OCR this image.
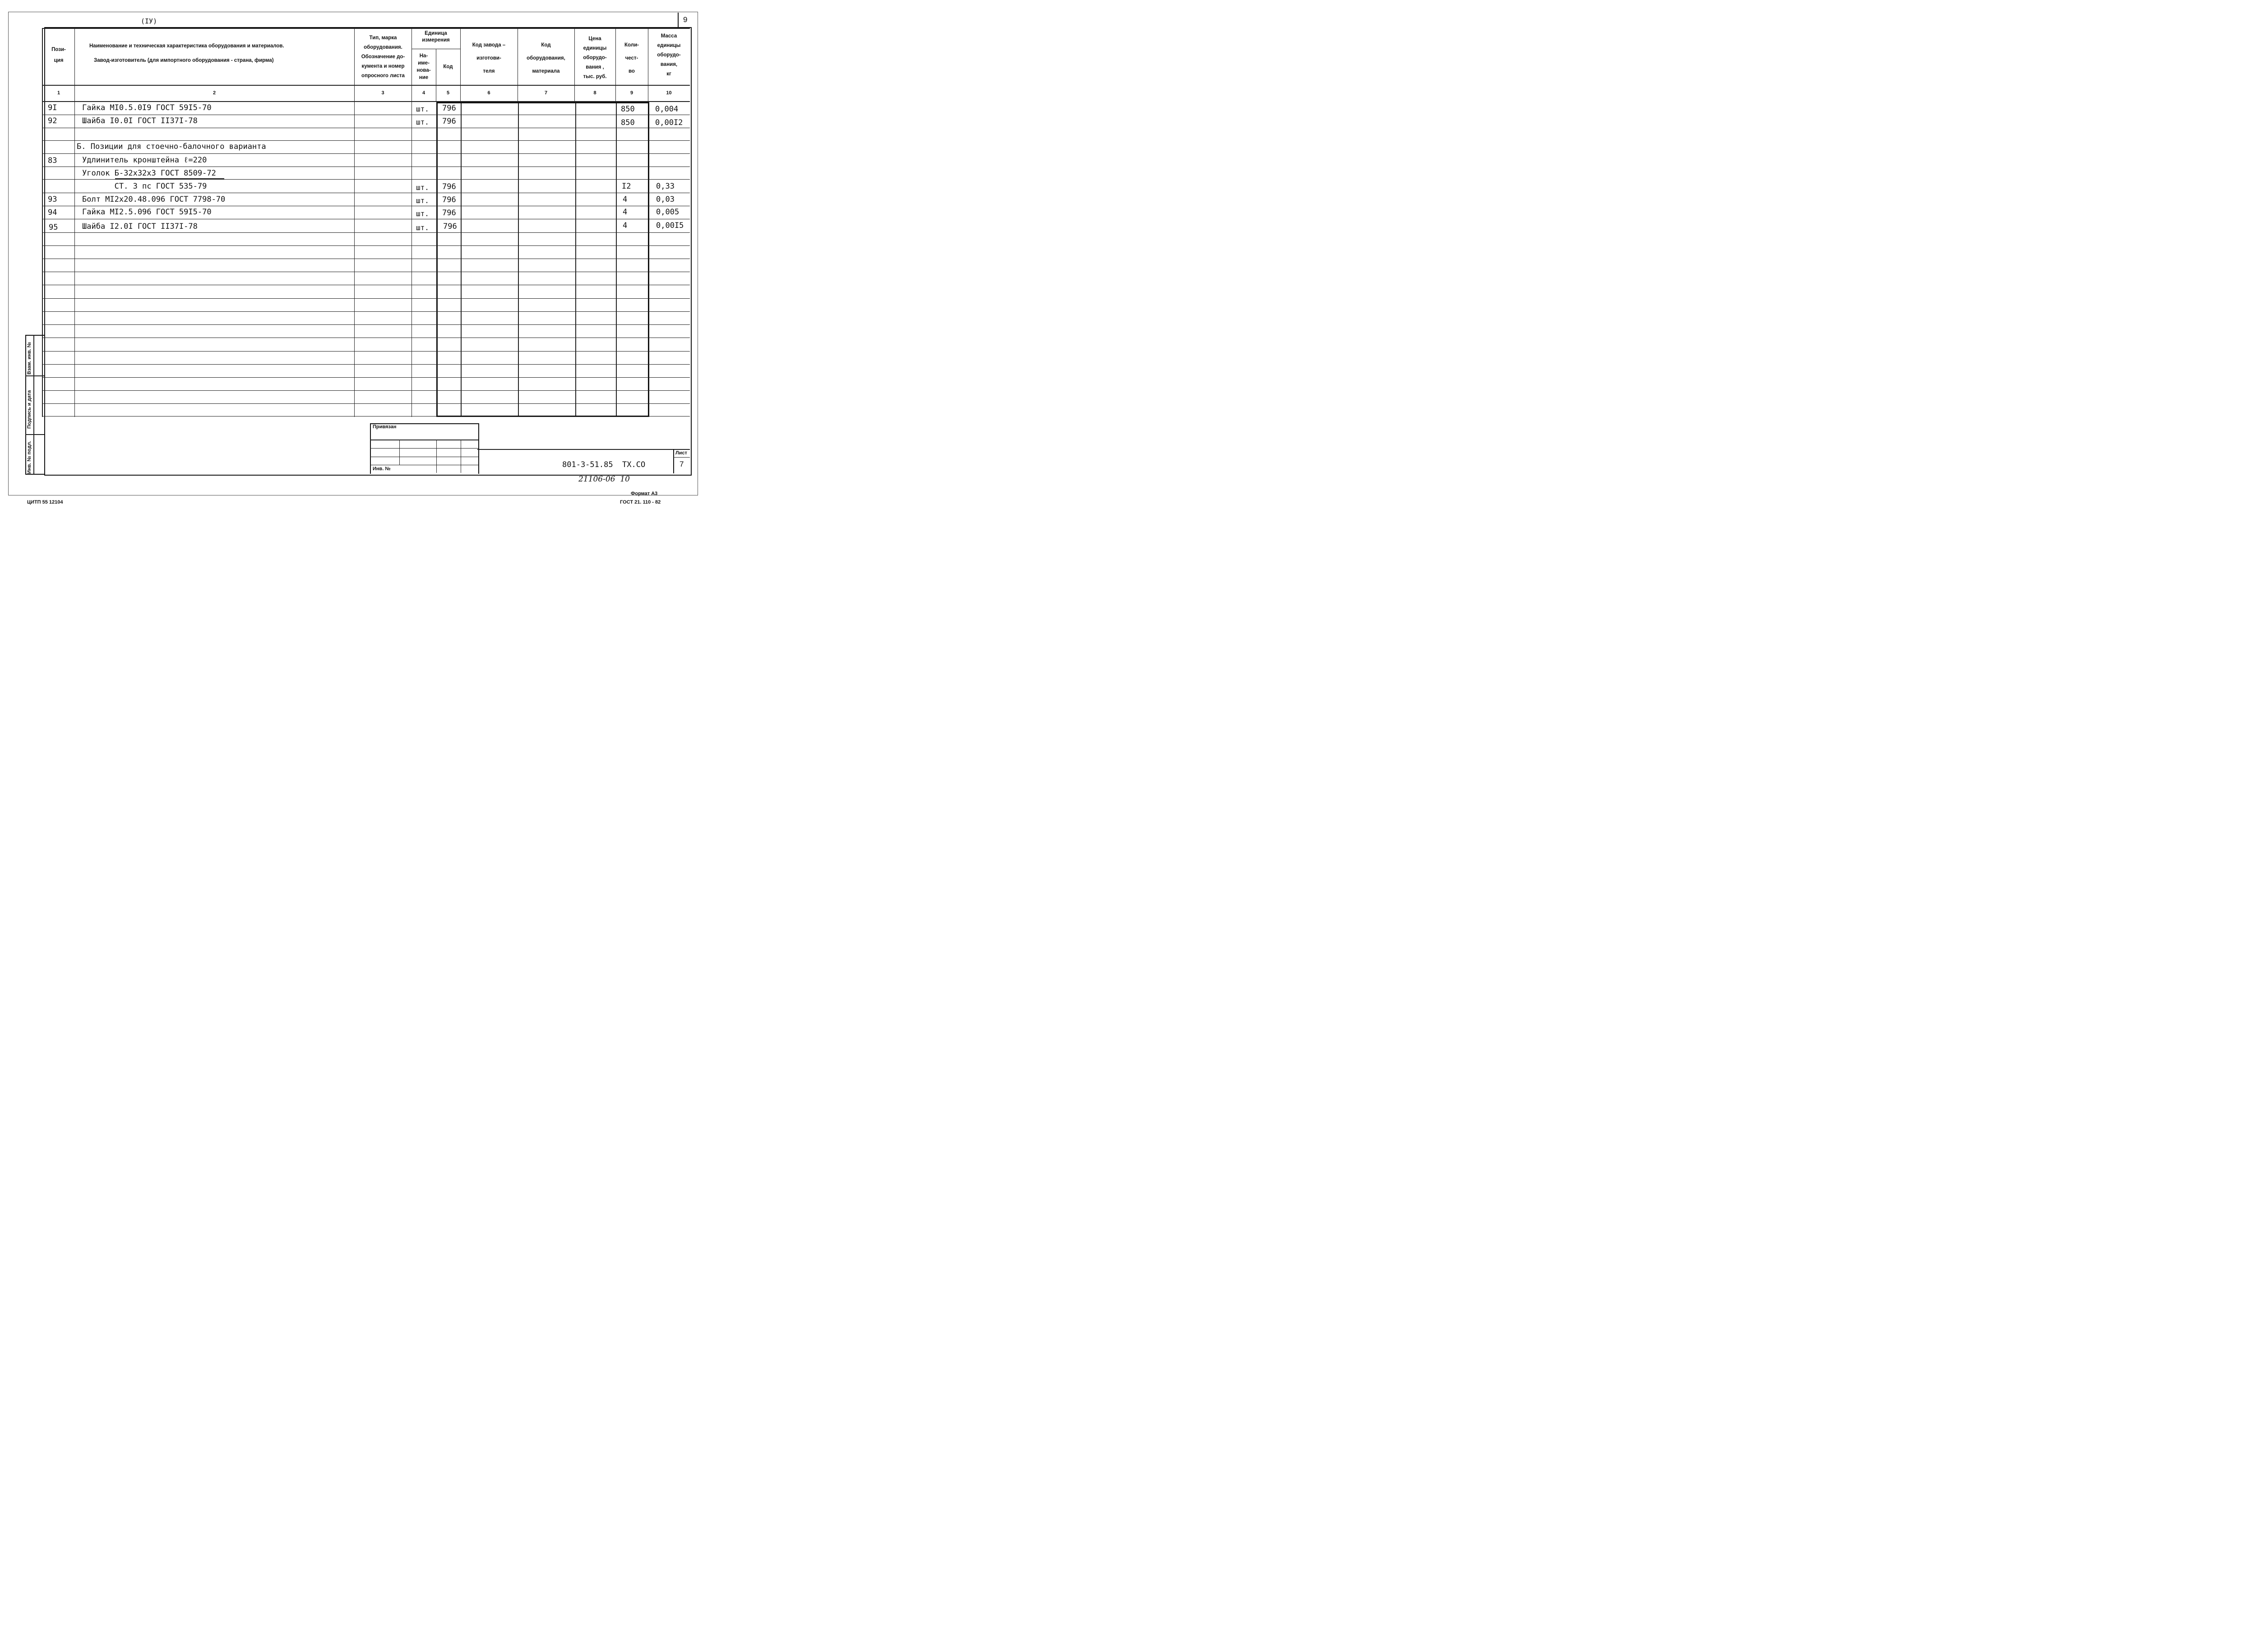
9
(IУ)
Пози-
ция
Наименование и техническая характеристика оборудования и материалов.
Завод-изготовитель (для импортного оборудования - страна, фирма)
Тип, марка
оборудования.
Обозначение до-
кумента и номер
опросного листа
Единица
измерения
На-
име-
нова-
ние
Код
Код завода –
изготови-
теля
Код
оборудования,
материала
Цена
единицы
оборудо-
вания ,
тыс. руб.
Коли-
чест-
во
Масса
единицы
оборудо-
вания,
кг
1	2	3	4	5	6	7	8	9	10
9I	Гайка МI0.5.0I9 ГОСТ 59I5-70	шт. 796	850	0,004
92	Шайба I0.0I ГОСТ II37I-78	шт. 796	850	0,00I2
Б. Позиции для стоечно-балочного варианта
83	Удлинитель кронштейна ℓ=220
Уголок Б-32х32х3 ГОСТ 8509-72
СТ. 3 пс ГОСТ 535-79	шт. 796	I2	0,33
93	Болт МI2х20.48.096 ГОСТ 7798-70	шт. 796	4	0,03
94	Гайка МI2.5.096 ГОСТ 59I5-70	шт. 796	4	0,005
95	Шайба I2.0I ГОСТ II37I-78	шт. 796	4	0,00I5
Взам. инв. №
Подпись и дата
Инв. № подл.
Привязан
Инв. №
Лист
7
801-3-51.85  ТХ.СО
21106-06  10
ЦИТП 55 12104
Формат А3
ГОСТ 21. 110 - 82
